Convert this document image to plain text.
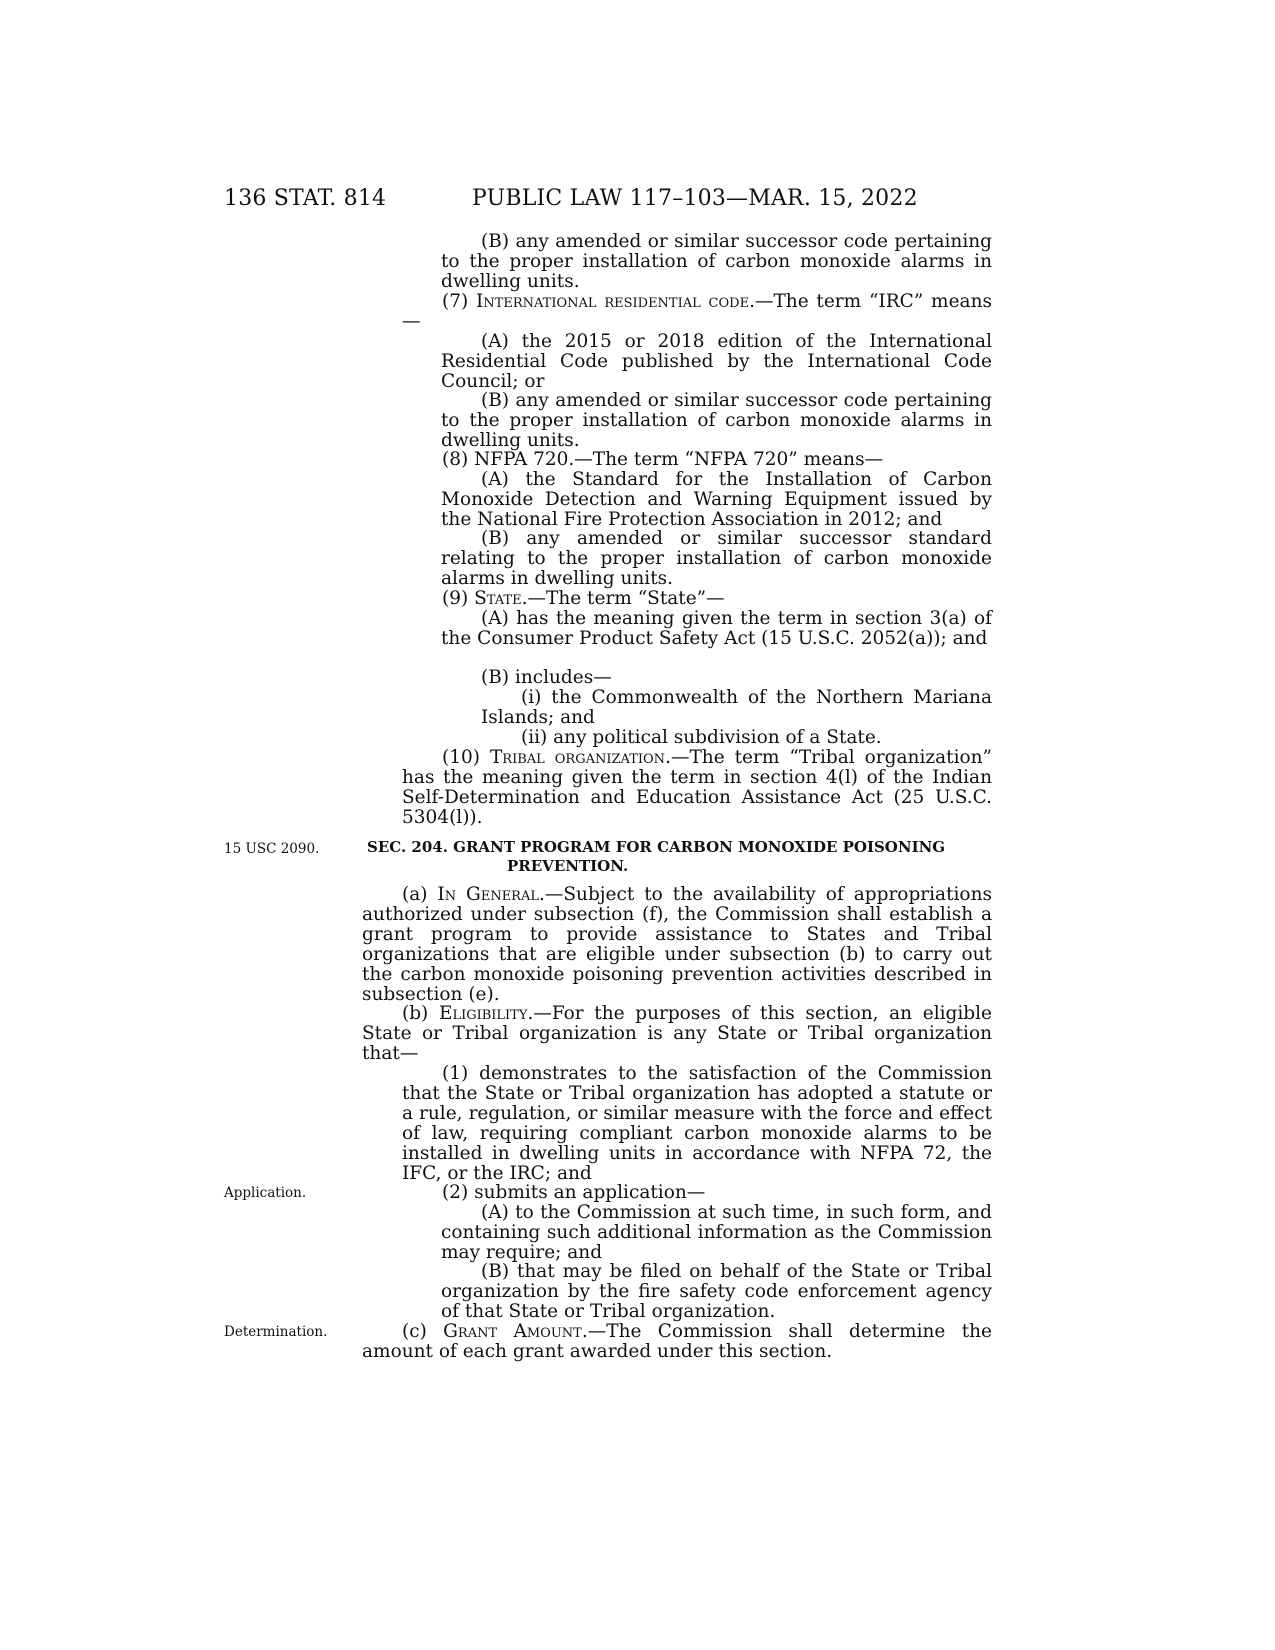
136 STAT. 814	PUBLIC LAW 117–103—MAR. 15, 2022

(B) any amended or similar successor code pertaining to the proper installation of carbon monoxide alarms in dwelling units.

(7) International residential code.—The term “IRC” means—

(A) the 2015 or 2018 edition of the International Residential Code published by the International Code Council; or

(B) any amended or similar successor code pertaining to the proper installation of carbon monoxide alarms in dwelling units.

(8) NFPA 720.—The term “NFPA 720” means—

(A) the Standard for the Installation of Carbon Monoxide Detection and Warning Equipment issued by the National Fire Protection Association in 2012; and

(B) any amended or similar successor standard relating to the proper installation of carbon monoxide alarms in dwelling units.

(9) State.—The term “State”—

(A) has the meaning given the term in section 3(a) of the Consumer Product Safety Act (15 U.S.C. 2052(a)); and

(B) includes—

(i) the Commonwealth of the Northern Mariana Islands; and

(ii) any political subdivision of a State.

(10) Tribal organization.—The term “Tribal organization” has the meaning given the term in section 4(l) of the Indian Self-Determination and Education Assistance Act (25 U.S.C. 5304(l)).

15 USC 2090.	SEC. 204. GRANT PROGRAM FOR CARBON MONOXIDE POISONING
PREVENTION.

(a) In General.—Subject to the availability of appropriations authorized under subsection (f), the Commission shall establish a grant program to provide assistance to States and Tribal organizations that are eligible under subsection (b) to carry out the carbon monoxide poisoning prevention activities described in subsection (e).

(b) Eligibility.—For the purposes of this section, an eligible State or Tribal organization is any State or Tribal organization that—

(1) demonstrates to the satisfaction of the Commission that the State or Tribal organization has adopted a statute or a rule, regulation, or similar measure with the force and effect of law, requiring compliant carbon monoxide alarms to be installed in dwelling units in accordance with NFPA 72, the IFC, or the IRC; and

Application.	(2) submits an application—

(A) to the Commission at such time, in such form, and containing such additional information as the Commission may require; and

(B) that may be filed on behalf of the State or Tribal organization by the fire safety code enforcement agency of that State or Tribal organization.

Determination.	(c) Grant Amount.—The Commission shall determine the amount of each grant awarded under this section.
